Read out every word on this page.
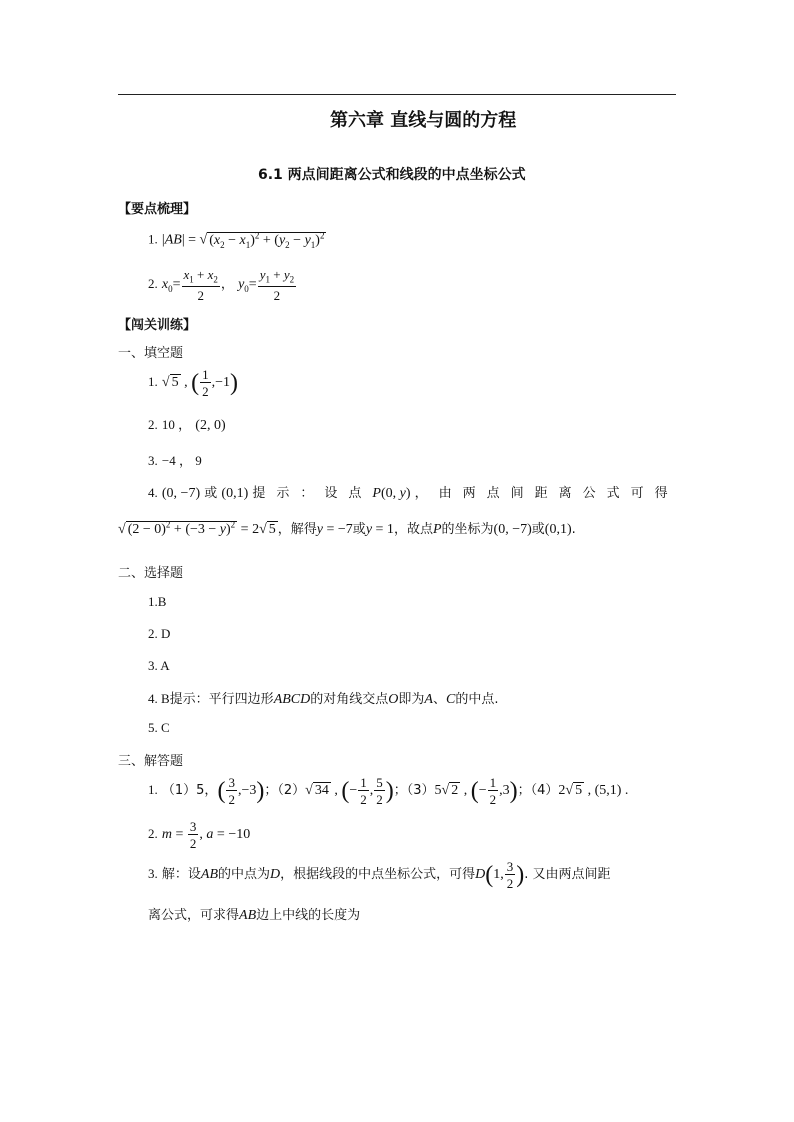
第六章 直线与圆的方程
6.1 两点间距离公式和线段的中点坐标公式
【要点梳理】
1. |AB| = √ $(x_2 - x_1)^2 + (y_2 - y_1)^2$
2. $x_0= \frac{x_1 + x_2}{2}$ ， $y_0= \frac{y_1 + y_2}{2}$
【闯关训练】
一、填空题
1. √ 5 , ( $\frac{1}{2} ,-1$)
2. 10 ， (2, 0)
3. −4 ， 9
4. (0, −7) 或 (0,1) 提示：设点P(0, y) ，由两点间距离公式可得
√ $(2 - 0)^2 + (-3 - y)^2 = 2√$ 5 ，解得y = −7或y = 1，故点P的坐标为(0, −7)或(0,1).
二、选择题
1.B
2. D
3. A
4. B提示：平行四边形ABCD的对角线交点O即为A、C的中点.
5. C
三、解答题
1. （1）5，( $\frac{3}{2} ,-3$)；（2）√ 34 , (− $\frac{1}{2}$ , $\frac{5}{2}$ )；（3）5√ 2 , (− $\frac{1}{2} ,3$)；（4）2√ 5 , (5,1) .
2. $m = \frac{3}{2}$ , a = −10
3. 解：设AB的中点为D，根据线段的中点坐标公式，可得D(1, $\frac{3}{2}$ ). 又由两点间距
离公式，可求得AB边上中线的长度为
